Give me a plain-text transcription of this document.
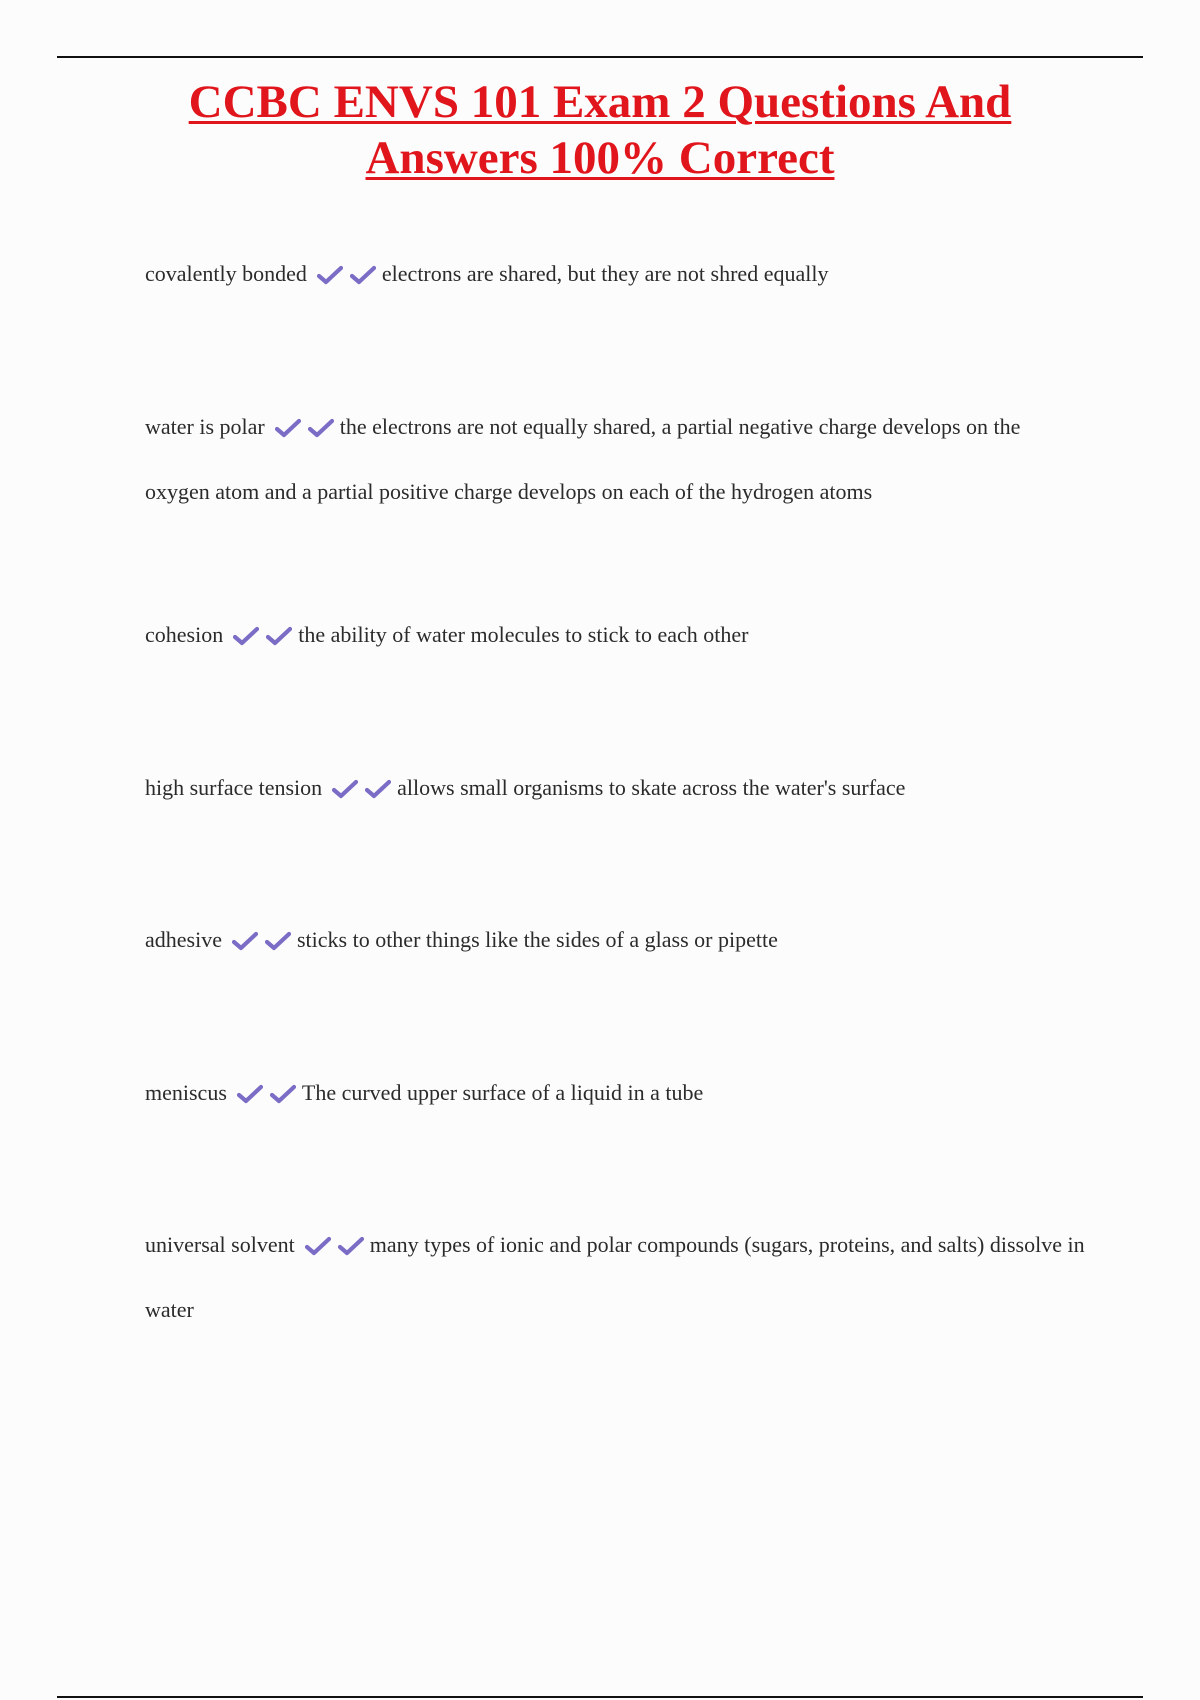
CCBC ENVS 101 Exam 2 Questions And
Answers 100% Correct

covalently bonded	electrons are shared, but they are not shred equally

water is polar	the electrons are not equally shared, a partial negative charge develops on the oxygen atom and a partial positive charge develops on each of the hydrogen atoms

cohesion	the ability of water molecules to stick to each other

high surface tension	allows small organisms to skate across the water's surface

adhesive	sticks to other things like the sides of a glass or pipette

meniscus	The curved upper surface of a liquid in a tube

universal solvent	many types of ionic and polar compounds (sugars, proteins, and salts) dissolve in water
